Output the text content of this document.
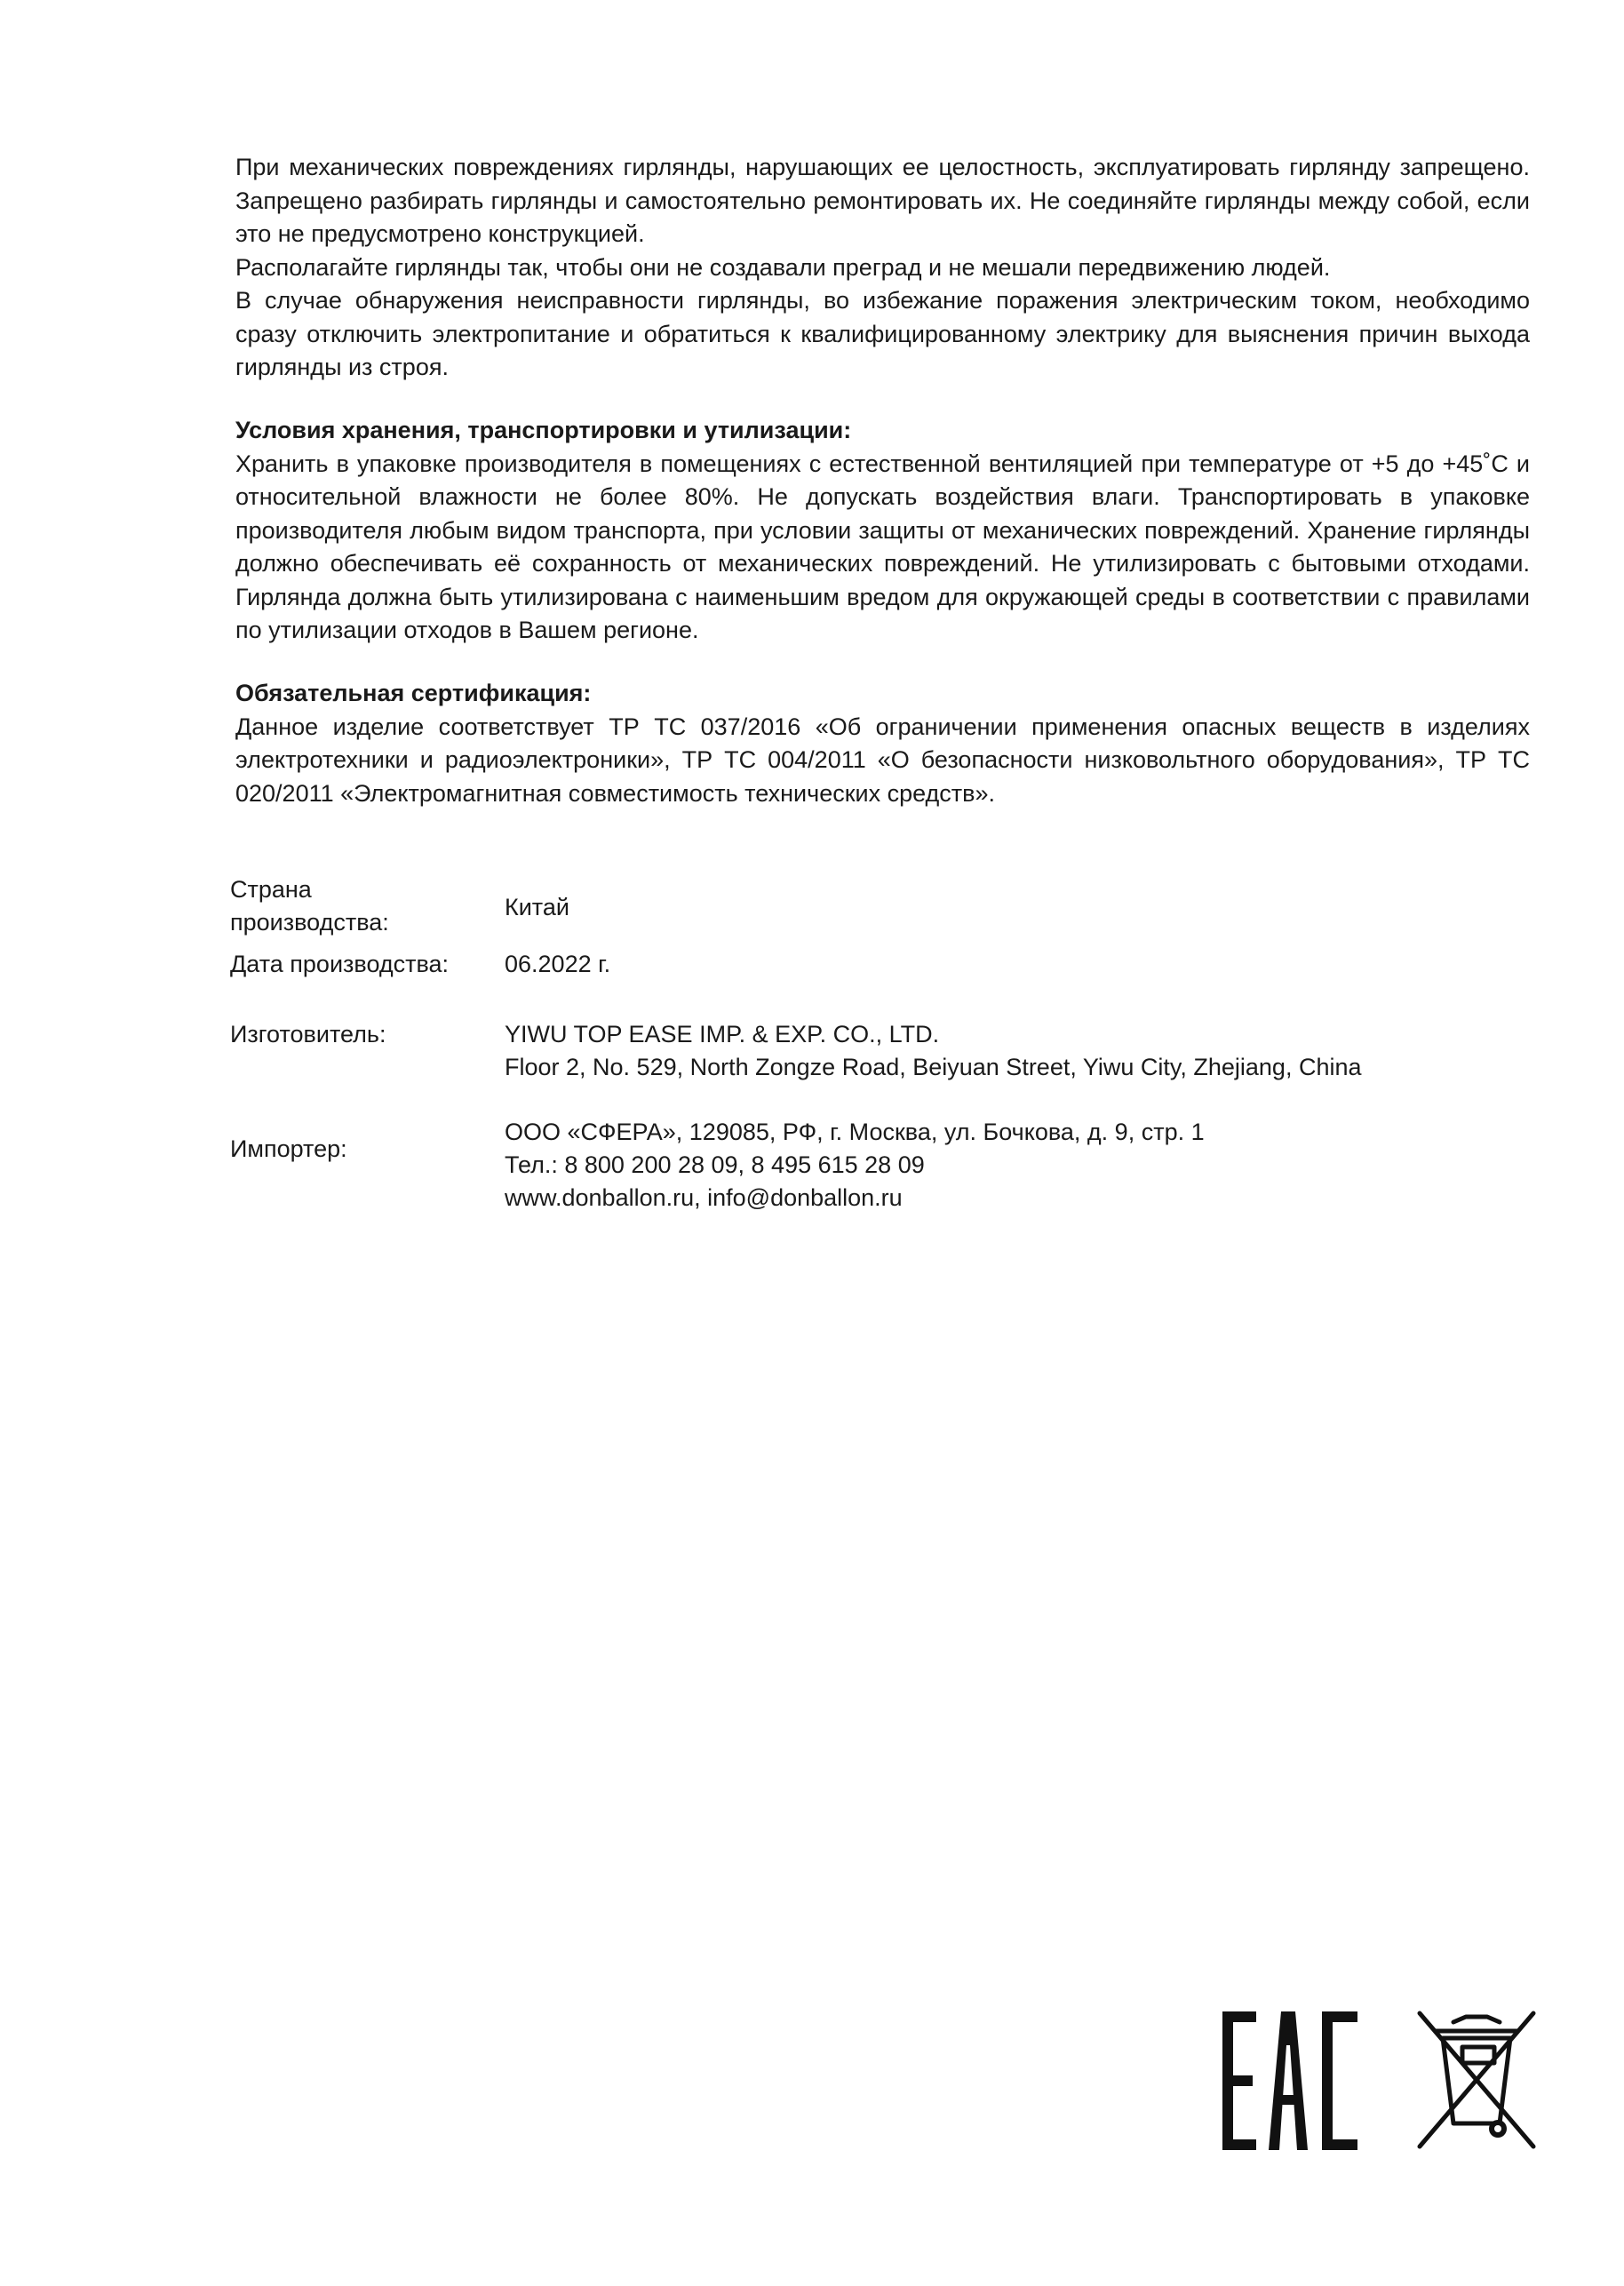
При механических повреждениях гирлянды, нарушающих ее целостность, эксплуатировать гирлянду запрещено. Запрещено разбирать гирлянды и самостоятельно ремонтировать их. Не соединяйте гирлянды между собой, если это не предусмотрено конструкцией.

Располагайте гирлянды так, чтобы они не создавали преград и не мешали передвижению людей.

В случае обнаружения неисправности гирлянды, во избежание поражения электрическим током, необходимо сразу отключить электропитание и обратиться к квалифицированному электрику для выяснения причин выхода гирлянды из строя.

Условия хранения, транспортировки и утилизации:

Хранить в упаковке производителя в помещениях с естественной вентиляцией при температуре от +5 до +45˚С и относительной влажности не более 80%. Не допускать воздействия влаги. Транспортировать в упаковке производителя любым видом транспорта, при условии защиты от механических повреждений. Хранение гирлянды должно обеспечивать её сохранность от механических повреждений. Не утилизировать с бытовыми отходами. Гирлянда должна быть утилизирована с наименьшим вредом для окружающей среды в соответствии с правилами по утилизации отходов в Вашем регионе.

Обязательная сертификация:

Данное изделие соответствует ТР ТС 037/2016 «Об ограничении применения опасных веществ в изделиях электротехники и радиоэлектроники», ТР ТС 004/2011 «О безопасности низковольтного оборудования», ТР ТС 020/2011 «Электромагнитная совместимость технических средств».

Страна производства:
Китай
Дата производства: 06.2022 г.
Изготовитель:	YIWU TOP EASE IMP. & EXP. CO., LTD.
Floor 2, No. 529, North Zongze Road, Beiyuan Street, Yiwu City, Zhejiang, China
Импортер:
ООО «СФЕРА», 129085, РФ, г. Москва, ул. Бочкова, д. 9, стр. 1
Тел.: 8 800 200 28 09, 8 495 615 28 09
www.donballon.ru, info@donballon.ru
